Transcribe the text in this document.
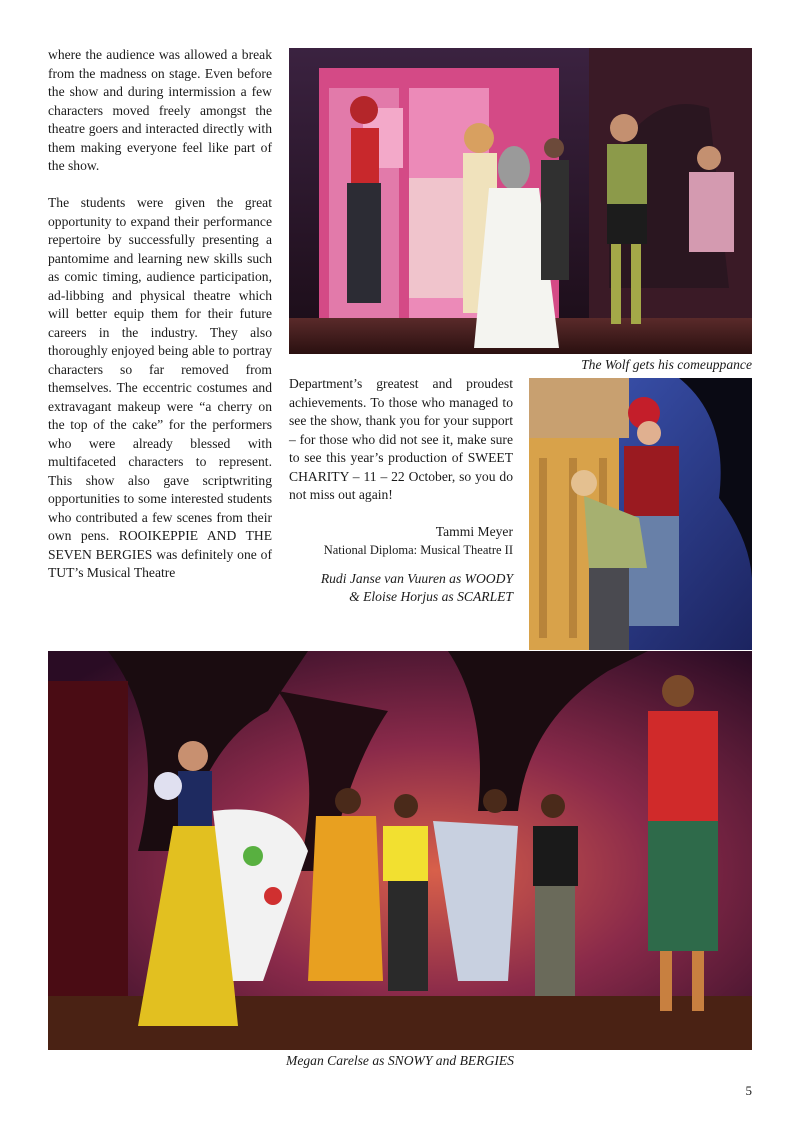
where the audience was allowed a break from the madness on stage. Even before the show and during intermission a few characters moved freely amongst the theatre goers and interacted directly with them making everyone feel like part of the show.

The students were given the great opportunity to expand their performance repertoire by successfully presenting a pantomime and learning new skills such as comic timing, audience participation, ad-libbing and physical theatre which will better equip them for their future careers in the industry. They also thoroughly enjoyed being able to portray characters so far removed from themselves. The eccentric costumes and extravagant makeup were “a cherry on the top of the cake” for the performers who were already blessed with multifaceted characters to represent. This show also gave scriptwriting opportunities to some interested students who contributed a few scenes from their own pens. ROOIKEPPIE AND THE SEVEN BERGIES was definitely one of TUT’s Musical Theatre

The Wolf gets his comeuppance

Department’s greatest and proudest achievements. To those who managed to see the show, thank you for your support – for those who did not see it, make sure to see this year’s production of SWEET CHARITY – 11 – 22 October, so you do not miss out again!

Tammi Meyer
National Diploma: Musical Theatre II
Rudi Janse van Vuuren as WOODY
& Eloise Horjus as SCARLET
Megan Carelse as SNOWY and BERGIES
5
